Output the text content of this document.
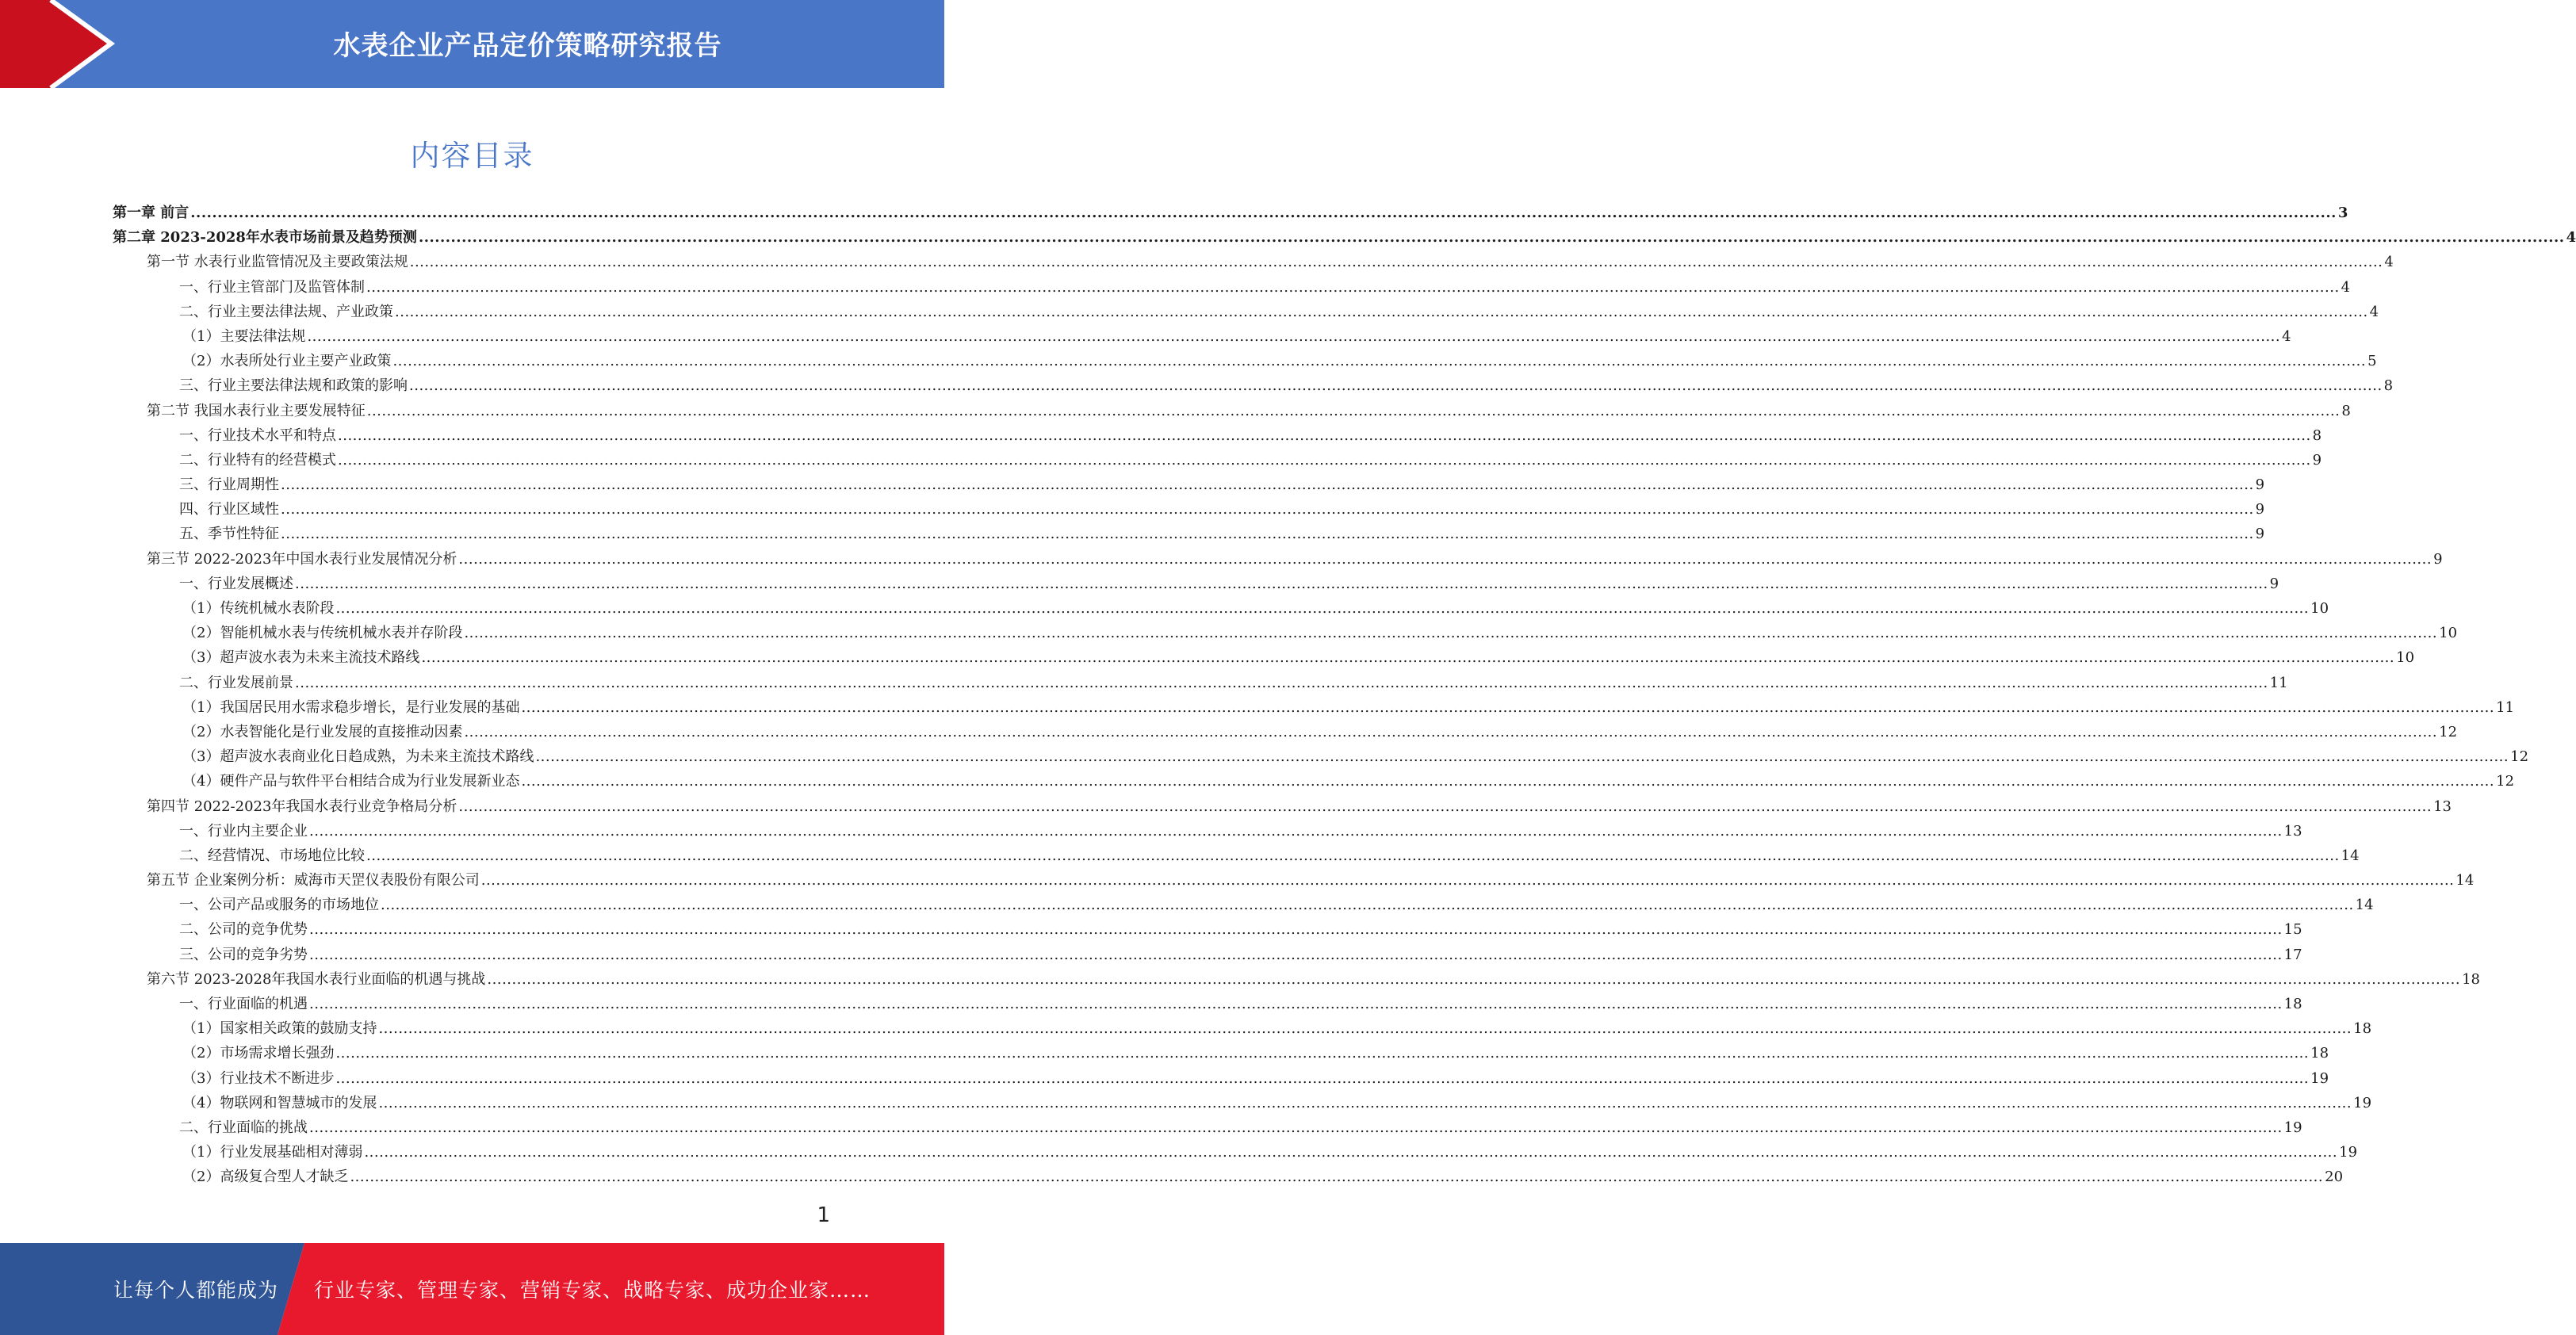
水表企业产品定价策略研究报告
内容目录
第一章 前言 ................................................................................................................................................................................................................................................................................................................................................................................................................ 3
第二章 2023-2028年水表市场前景及趋势预测 ................................................................................................................................................................................................................................................................................................................................................................................................................ 4
第一节 水表行业监管情况及主要政策法规 ................................................................................................................................................................................................................................................................................................................................................................................................................ 4
一、行业主管部门及监管体制 ................................................................................................................................................................................................................................................................................................................................................................................................................ 4
二、行业主要法律法规、产业政策 ................................................................................................................................................................................................................................................................................................................................................................................................................ 4
（1）主要法律法规 ................................................................................................................................................................................................................................................................................................................................................................................................................ 4
（2）水表所处行业主要产业政策 ................................................................................................................................................................................................................................................................................................................................................................................................................ 5
三、行业主要法律法规和政策的影响 ................................................................................................................................................................................................................................................................................................................................................................................................................ 8
第二节 我国水表行业主要发展特征 ................................................................................................................................................................................................................................................................................................................................................................................................................ 8
一、行业技术水平和特点 ................................................................................................................................................................................................................................................................................................................................................................................................................ 8
二、行业特有的经营模式 ................................................................................................................................................................................................................................................................................................................................................................................................................ 9
三、行业周期性 ................................................................................................................................................................................................................................................................................................................................................................................................................ 9
四、行业区域性 ................................................................................................................................................................................................................................................................................................................................................................................................................ 9
五、季节性特征 ................................................................................................................................................................................................................................................................................................................................................................................................................ 9
第三节 2022-2023年中国水表行业发展情况分析 ................................................................................................................................................................................................................................................................................................................................................................................................................ 9
一、行业发展概述 ................................................................................................................................................................................................................................................................................................................................................................................................................ 9
（1）传统机械水表阶段 ................................................................................................................................................................................................................................................................................................................................................................................................................ 10
（2）智能机械水表与传统机械水表并存阶段 ................................................................................................................................................................................................................................................................................................................................................................................................................ 10
（3）超声波水表为未来主流技术路线 ................................................................................................................................................................................................................................................................................................................................................................................................................ 10
二、行业发展前景 ................................................................................................................................................................................................................................................................................................................................................................................................................ 11
（1）我国居民用水需求稳步增长，是行业发展的基础 ................................................................................................................................................................................................................................................................................................................................................................................................................ 11
（2）水表智能化是行业发展的直接推动因素 ................................................................................................................................................................................................................................................................................................................................................................................................................ 12
（3）超声波水表商业化日趋成熟，为未来主流技术路线 ................................................................................................................................................................................................................................................................................................................................................................................................................ 12
（4）硬件产品与软件平台相结合成为行业发展新业态 ................................................................................................................................................................................................................................................................................................................................................................................................................ 12
第四节 2022-2023年我国水表行业竞争格局分析 ................................................................................................................................................................................................................................................................................................................................................................................................................ 13
一、行业内主要企业 ................................................................................................................................................................................................................................................................................................................................................................................................................ 13
二、经营情况、市场地位比较 ................................................................................................................................................................................................................................................................................................................................................................................................................ 14
第五节 企业案例分析：威海市天罡仪表股份有限公司 ................................................................................................................................................................................................................................................................................................................................................................................................................ 14
一、公司产品或服务的市场地位 ................................................................................................................................................................................................................................................................................................................................................................................................................ 14
二、公司的竞争优势 ................................................................................................................................................................................................................................................................................................................................................................................................................ 15
三、公司的竞争劣势 ................................................................................................................................................................................................................................................................................................................................................................................................................ 17
第六节 2023-2028年我国水表行业面临的机遇与挑战 ................................................................................................................................................................................................................................................................................................................................................................................................................ 18
一、行业面临的机遇 ................................................................................................................................................................................................................................................................................................................................................................................................................ 18
（1）国家相关政策的鼓励支持 ................................................................................................................................................................................................................................................................................................................................................................................................................ 18
（2）市场需求增长强劲 ................................................................................................................................................................................................................................................................................................................................................................................................................ 18
（3）行业技术不断进步 ................................................................................................................................................................................................................................................................................................................................................................................................................ 19
（4）物联网和智慧城市的发展 ................................................................................................................................................................................................................................................................................................................................................................................................................ 19
二、行业面临的挑战 ................................................................................................................................................................................................................................................................................................................................................................................................................ 19
（1）行业发展基础相对薄弱 ................................................................................................................................................................................................................................................................................................................................................................................................................ 19
（2）高级复合型人才缺乏 ................................................................................................................................................................................................................................................................................................................................................................................................................ 20
1
让每个人都能成为 行业专家、管理专家、营销专家、战略专家、成功企业家……
